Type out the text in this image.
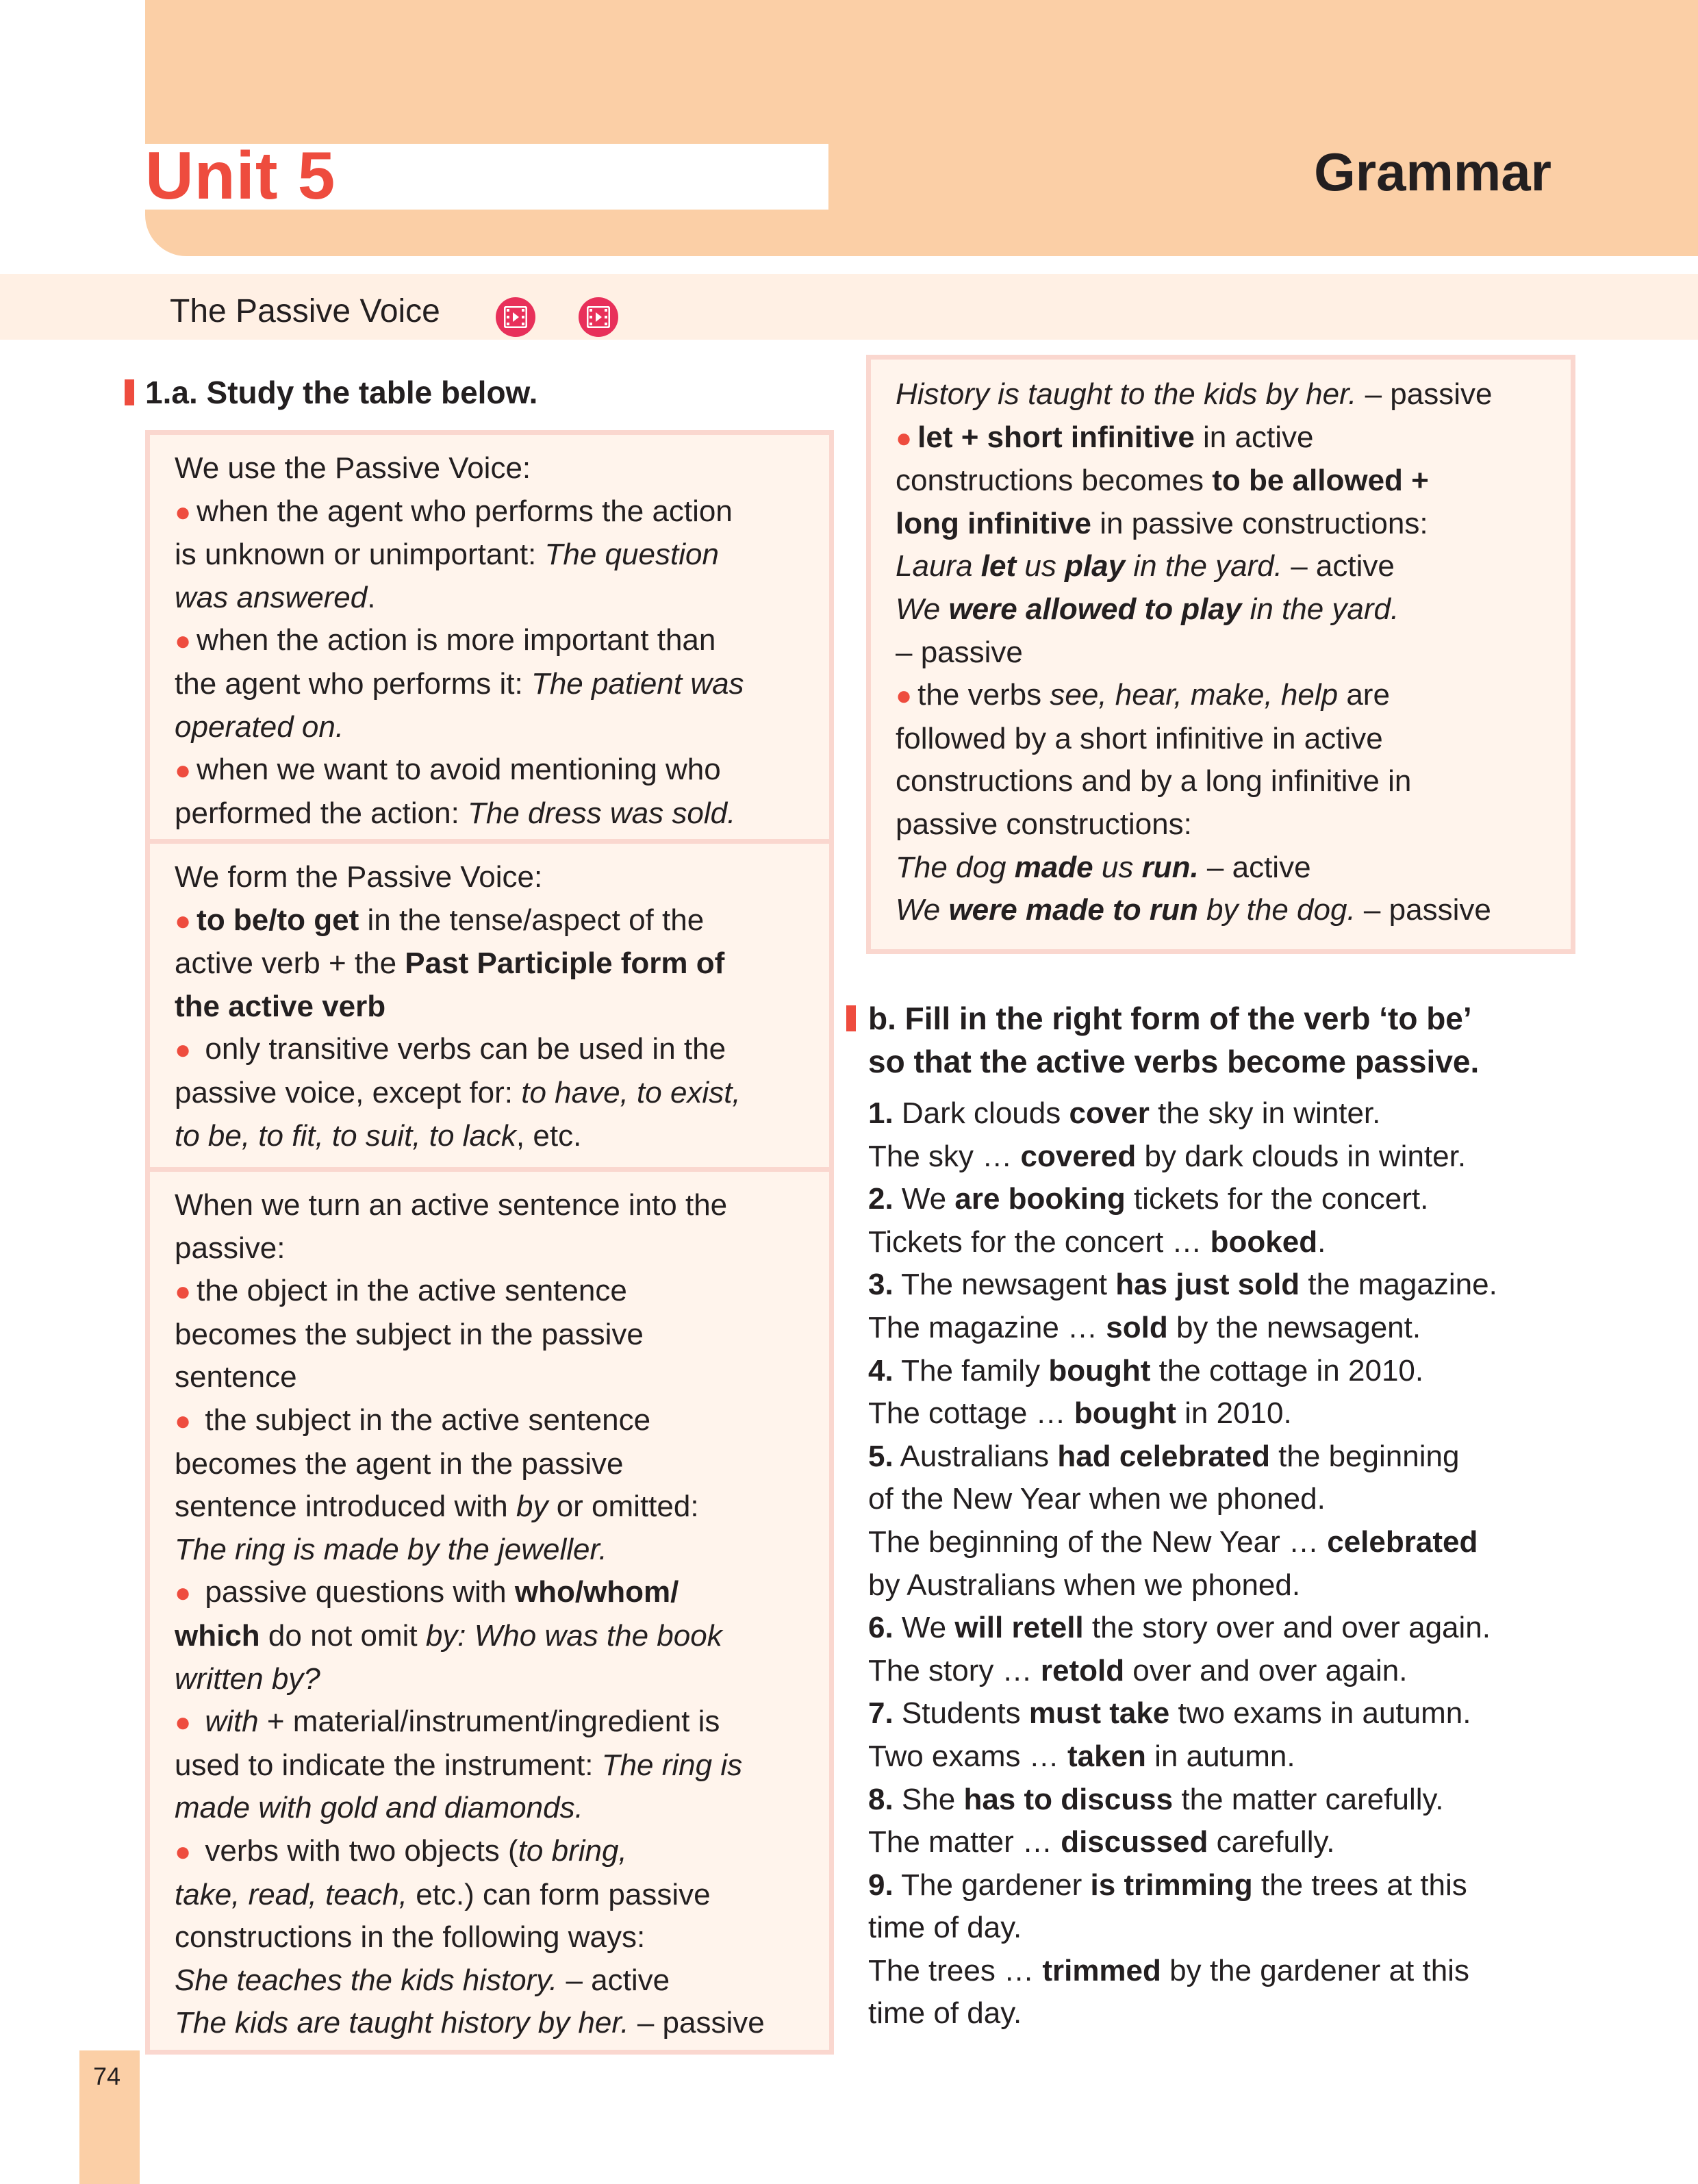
Unit 5	Grammar
The Passive Voice
1.a. Study the table below.

We use the Passive Voice:

● when the agent who performs the action

is unknown or unimportant: The question

was answered.

● when the action is more important than

the agent who performs it: The patient was

operated on.

● when we want to avoid mentioning who

performed the action: The dress was sold.

We form the Passive Voice:

● to be/to get in the tense/aspect of the

active verb + the Past Participle form of

the active verb

● only transitive verbs can be used in the

passive voice, except for: to have, to exist,

to be, to fit, to suit, to lack, etc.

When we turn an active sentence into the

passive:

● the object in the active sentence

becomes the subject in the passive

sentence

● the subject in the active sentence

becomes the agent in the passive

sentence introduced with by or omitted:

The ring is made by the jeweller.

● passive questions with who/whom/

which do not omit by: Who was the book

written by?

● with + material/instrument/ingredient is

used to indicate the instrument: The ring is

made with gold and diamonds.

● verbs with two objects (to bring,

take, read, teach, etc.) can form passive

constructions in the following ways:

She teaches the kids history. – active

The kids are taught history by her. – passive

History is taught to the kids by her. – passive

● let + short infinitive in active

constructions becomes to be allowed +

long infinitive in passive constructions:

Laura let us play in the yard. – active

We were allowed to play in the yard.

– passive

● the verbs see, hear, make, help are

followed by a short infinitive in active

constructions and by a long infinitive in

passive constructions:

The dog made us run. – active

We were made to run by the dog. – passive

b. Fill in the right form of the verb ‘to be’
so that the active verbs become passive.

1. Dark clouds cover the sky in winter.

The sky … covered by dark clouds in winter.

2. We are booking tickets for the concert.

Tickets for the concert … booked.

3. The newsagent has just sold the magazine.

The magazine … sold by the newsagent.

4. The family bought the cottage in 2010.

The cottage … bought in 2010.

5. Australians had celebrated the beginning

of the New Year when we phoned.

The beginning of the New Year … celebrated

by Australians when we phoned.

6. We will retell the story over and over again.

The story … retold over and over again.

7. Students must take two exams in autumn.

Two exams … taken in autumn.

8. She has to discuss the matter carefully.

The matter … discussed carefully.

9. The gardener is trimming the trees at this

time of day.

The trees … trimmed by the gardener at this

time of day.

74
